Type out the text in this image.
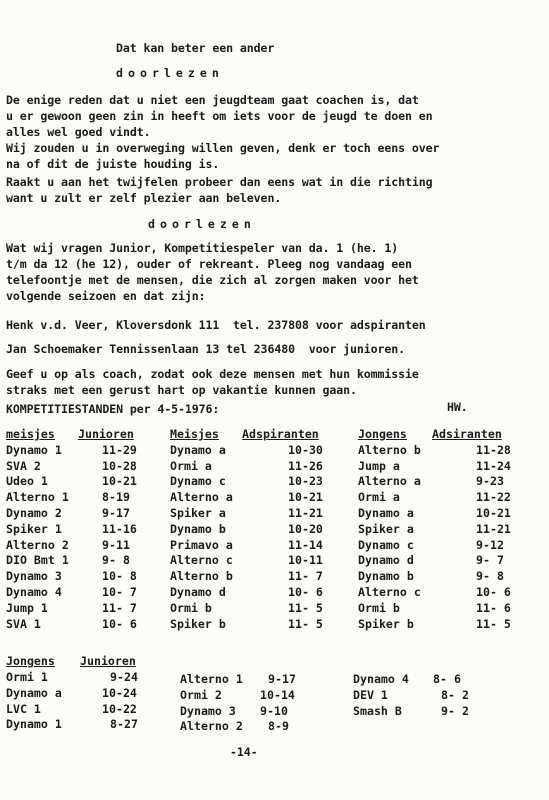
Dat kan beter een ander
doorlezen
De enige reden dat u niet een jeugdteam gaat coachen is, dat
u er gewoon geen zin in heeft om iets voor de jeugd te doen en
alles wel goed vindt.
Wij zouden u in overweging willen geven, denk er toch eens over
na of dit de juiste houding is.
Raakt u aan het twijfelen probeer dan eens wat in die richting
want u zult er zelf plezier aan beleven.
doorlezen
Wat wij vragen Junior, Kompetitiespeler van da. 1 (he. 1)
t/m da 12 (he 12), ouder of rekreant. Pleeg nog vandaag een
telefoontje met de mensen, die zich al zorgen maken voor het
volgende seizoen en dat zijn:
Henk v.d. Veer, Kloversdonk 111  tel. 237808 voor adspiranten
Jan Schoemaker Tennissenlaan 13 tel 236480  voor junioren.
Geef u op als coach, zodat ook deze mensen met hun kommissie
straks met een gerust hart op vakantie kunnen gaan.
KOMPETITIESTANDEN per 4-5-1976:	HW.
meisjes	Junioren
Dynamo 1	11-29
SVA 2	10-28
Udeo 1	10-21
Alterno 1	8-19
Dynamo 2	9-17
Spiker 1	11-16
Alterno 2	9-11
DIO Bmt 1	9- 8
Dynamo 3	10- 8
Dynamo 4	10- 7
Jump 1	11- 7
SVA 1	10- 6
Meisjes	Adspiranten
Dynamo a	10-30
Ormi a	11-26
Dynamo c	10-23
Alterno a	10-21
Spiker a	11-21
Dynamo b	10-20
Primavo a	11-14
Alterno c	10-11
Alterno b	11- 7
Dynamo d	10- 6
Ormi b	11- 5
Spiker b	11- 5
Jongens	Adsiranten
Alterno b	11-28
Jump a	11-24
Alterno a	9-23
Ormi a	11-22
Dynamo a	10-21
Spiker a	11-21
Dynamo c	9-12
Dynamo d	9- 7
Dynamo b	9- 8
Alterno c	10- 6
Ormi b	11- 6
Spiker b	11- 5
Jongens	Junioren
Ormi 1	9-24
Dynamo a	10-24
LVC 1	10-22
Dynamo 1	8-27
Alterno 1	9-17
Ormi 2	10-14
Dynamo 3	9-10
Alterno 2	8-9
Dynamo 4	8- 6
DEV 1	8- 2
Smash B	9- 2
-14-
